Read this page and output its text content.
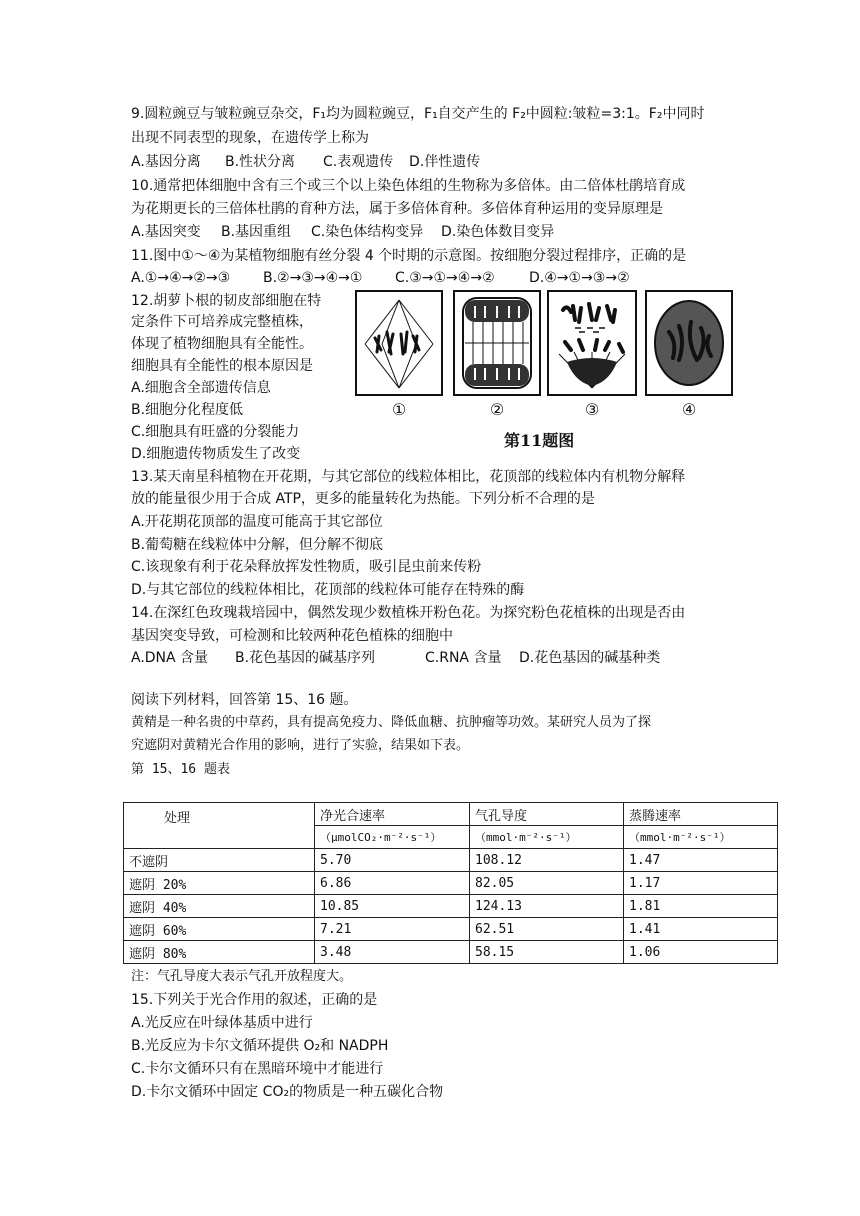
9.圆粒豌豆与皱粒豌豆杂交，F₁均为圆粒豌豆，F₁自交产生的 F₂中圆粒:皱粒=3:1。F₂中同时
出现不同表型的现象，在遗传学上称为
A.基因分离 B.性状分离 C.表观遗传 D.伴性遗传
10.通常把体细胞中含有三个或三个以上染色体组的生物称为多倍体。由二倍体杜鹃培育成
为花期更长的三倍体杜鹃的育种方法，属于多倍体育种。多倍体育种运用的变异原理是
A.基因突变 B.基因重组 C.染色体结构变异 D.染色体数目变异
11.图中①～④为某植物细胞有丝分裂 4 个时期的示意图。按细胞分裂过程排序，正确的是
A.①→④→②→③ B.②→③→④→① C.③→①→④→② D.④→①→③→②
12.胡萝卜根的韧皮部细胞在特
定条件下可培养成完整植株，
体现了植物细胞具有全能性。
细胞具有全能性的根本原因是
A.细胞含全部遗传信息
B.细胞分化程度低
C.细胞具有旺盛的分裂能力
D.细胞遗传物质发生了改变
①	②	③	④
第11题图
13.某天南星科植物在开花期，与其它部位的线粒体相比，花顶部的线粒体内有机物分解释
放的能量很少用于合成 ATP，更多的能量转化为热能。下列分析不合理的是
A.开花期花顶部的温度可能高于其它部位
B.葡萄糖在线粒体中分解，但分解不彻底
C.该现象有利于花朵释放挥发性物质，吸引昆虫前来传粉
D.与其它部位的线粒体相比，花顶部的线粒体可能存在特殊的酶
14.在深红色玫瑰栽培园中，偶然发现少数植株开粉色花。为探究粉色花植株的出现是否由
基因突变导致，可检测和比较两种花色植株的细胞中
A.DNA 含量 B.花色基因的碱基序列	C.RNA 含量 D.花色基因的碱基种类
阅读下列材料，回答第 15、16 题。
黄精是一种名贵的中草药，具有提高免疫力、降低血糖、抗肿瘤等功效。某研究人员为了探
究遮阴对黄精光合作用的影响，进行了实验，结果如下表。
第 15、16 题表
处理	净光合速率	气孔导度	蒸腾速率
	（μmolCO₂·m⁻²·s⁻¹）	（mmol·m⁻²·s⁻¹）	（mmol·m⁻²·s⁻¹）
不遮阴	5.70	108.12	1.47
遮阴 20%	6.86	82.05	1.17
遮阴 40%	10.85	124.13	1.81
遮阴 60%	7.21	62.51	1.41
遮阴 80%	3.48	58.15	1.06
注：气孔导度大表示气孔开放程度大。
15.下列关于光合作用的叙述，正确的是
A.光反应在叶绿体基质中进行
B.光反应为卡尔文循环提供 O₂和 NADPH
C.卡尔文循环只有在黑暗环境中才能进行
D.卡尔文循环中固定 CO₂的物质是一种五碳化合物
